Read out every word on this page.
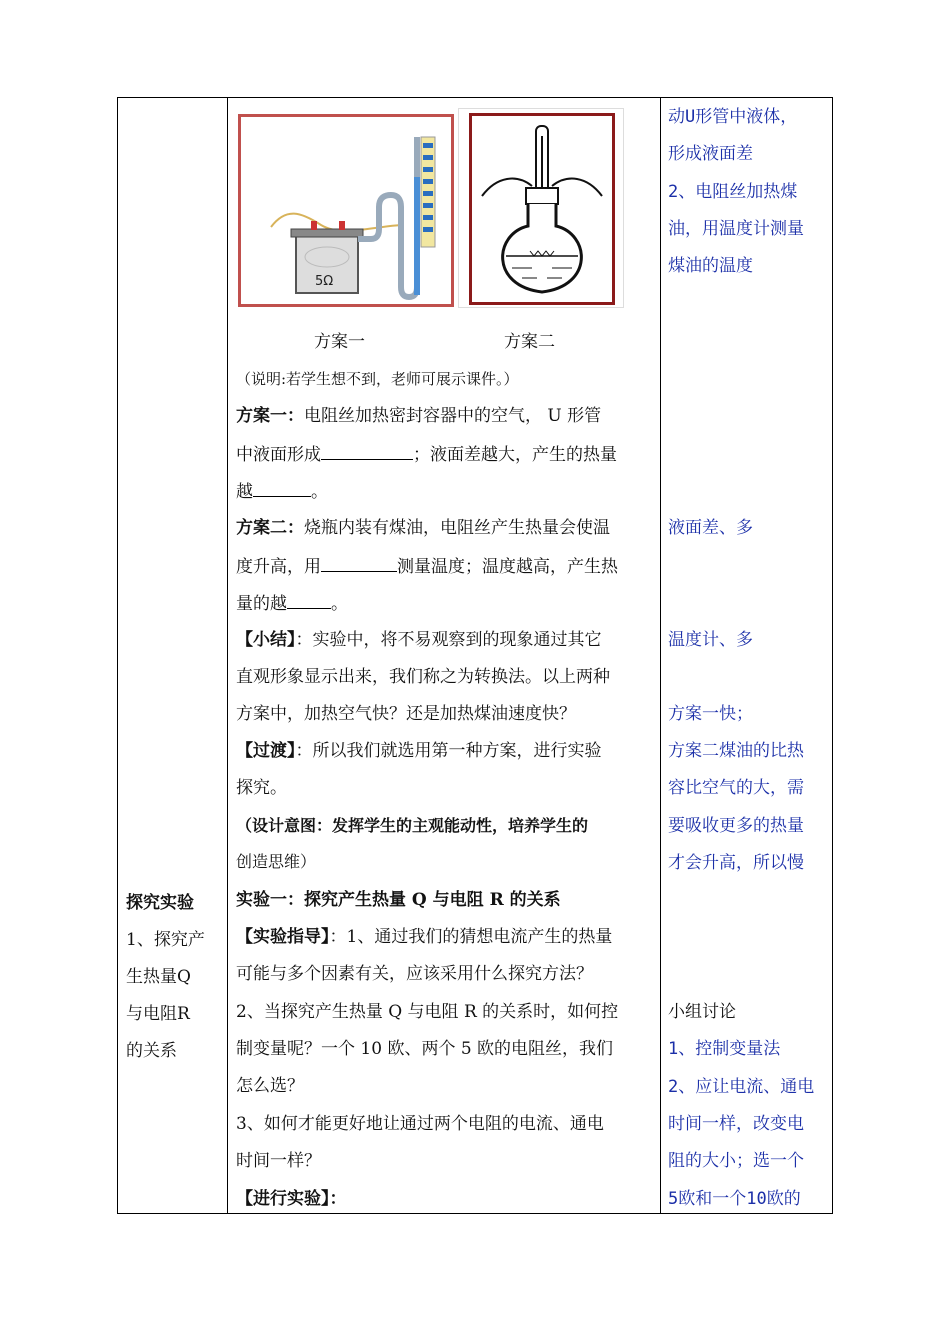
探究实验
1、探究产
生热量Q
与电阻R
的关系
5Ω
方案一	方案二
（说明:若学生想不到，老师可展示课件。）
方案一：电阻丝加热密封容器中的空气， U 形管
中液面形成	；液面差越大，产生的热量
越	。
方案二：烧瓶内装有煤油，电阻丝产生热量会使温
度升高，用	测量温度；温度越高，产生热
量的越	。
【小结】：实验中，将不易观察到的现象通过其它
直观形象显示出来，我们称之为转换法。以上两种
方案中，加热空气快？还是加热煤油速度快？
【过渡】：所以我们就选用第一种方案，进行实验
探究。
（设计意图：发挥学生的主观能动性，培养学生的
创造思维）
实验一：探究产生热量 Q 与电阻 R 的关系
【实验指导】：1、通过我们的猜想电流产生的热量
可能与多个因素有关，应该采用什么探究方法？
2、当探究产生热量 Q 与电阻 R 的关系时，如何控
制变量呢？一个 10 欧、两个 5 欧的电阻丝，我们
怎么选？
3、如何才能更好地让通过两个电阻的电流、通电
时间一样？
【进行实验】：
动U形管中液体，
形成液面差
2、电阻丝加热煤
油，用温度计测量
煤油的温度
液面差、多
温度计、多
方案一快；
方案二煤油的比热
容比空气的大，需
要吸收更多的热量
才会升高，所以慢
小组讨论
1、控制变量法
2、应让电流、通电
时间一样，改变电
阻的大小；选一个
5欧和一个10欧的
